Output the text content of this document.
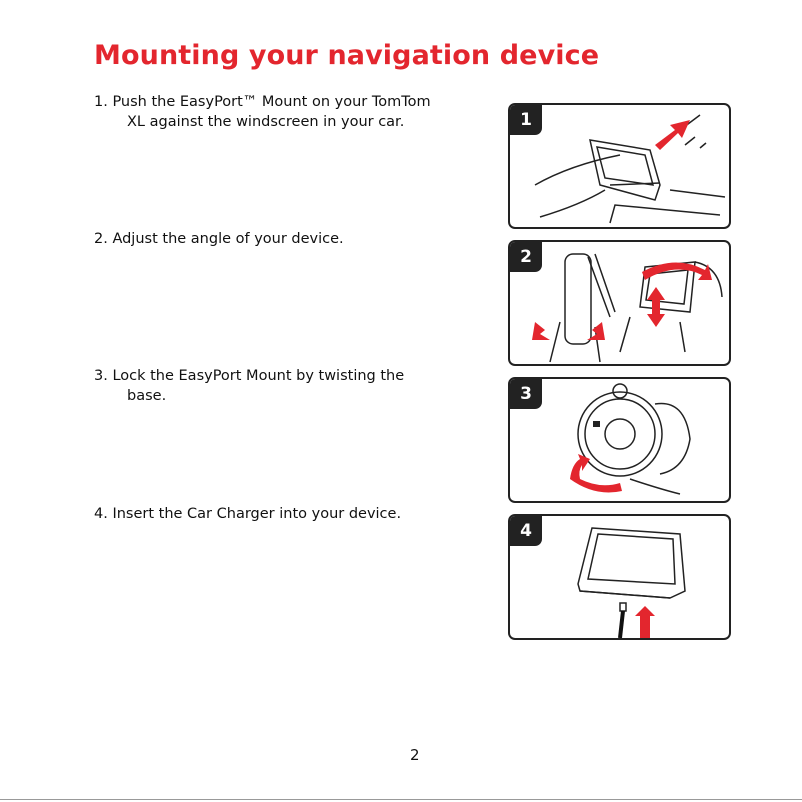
Mounting your navigation device
1. Push the EasyPort™ Mount on your TomTom
XL against the windscreen in your car.
2. Adjust the angle of your device.
3. Lock the EasyPort Mount by twisting the
base.
4. Insert the Car Charger into your device.
1
2
3
4
2
